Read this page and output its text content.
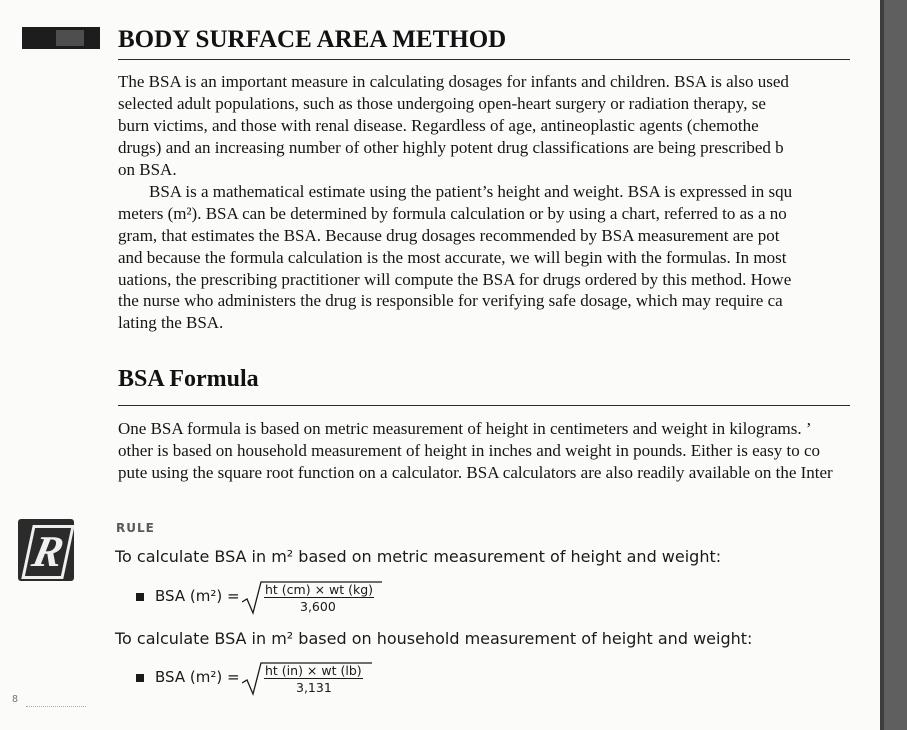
BODY SURFACE AREA METHOD
The BSA is an important measure in calculating dosages for infants and children. BSA is also used
selected adult populations, such as those undergoing open-heart surgery or radiation therapy, se
burn victims, and those with renal disease. Regardless of age, antineoplastic agents (chemothe
drugs) and an increasing number of other highly potent drug classifications are being prescribed b
on BSA.
BSA is a mathematical estimate using the patient’s height and weight. BSA is expressed in squ
meters (m²). BSA can be determined by formula calculation or by using a chart, referred to as a no
gram, that estimates the BSA. Because drug dosages recommended by BSA measurement are pot
and because the formula calculation is the most accurate, we will begin with the formulas. In most
uations, the prescribing practitioner will compute the BSA for drugs ordered by this method. Howe
the nurse who administers the drug is responsible for verifying safe dosage, which may require ca
lating the BSA.
BSA Formula
One BSA formula is based on metric measurement of height in centimeters and weight in kilograms. ’
other is based on household measurement of height in inches and weight in pounds. Either is easy to co
pute using the square root function on a calculator. BSA calculators are also readily available on the Inter
R	RULE
To calculate BSA in m² based on metric measurement of height and weight:
BSA (m²) = ht (cm) × wt (kg)
3,600
To calculate BSA in m² based on household measurement of height and weight:
BSA (m²) = ht (in) × wt (lb)
3,131
8
